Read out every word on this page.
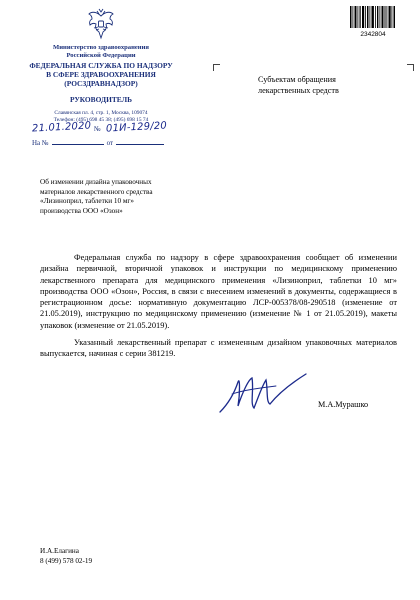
Министерство здравоохранения
Российской Федерации
ФЕДЕРАЛЬНАЯ СЛУЖБА ПО НАДЗОРУ
В СФЕРЕ ЗДРАВООХРАНЕНИЯ
(РОСЗДРАВНАДЗОР)
РУКОВОДИТЕЛЬ
Славянская пл. 4, стр. 1, Москва, 109074
Телефон: (495) 698 45 38; (495) 698 15 74
21.01.2020 № 01И-129/20
На №	от
2342804
Субъектам обращения
лекарственных средств
Об изменении дизайна упаковочных
материалов лекарственного средства
«Лизиноприл, таблетки 10 мг»
производства ООО «Озон»

Федеральная служба по надзору в сфере здравоохранения сообщает об изменении дизайна первичной, вторичной упаковок и инструкции по медицинскому применению лекарственного препарата для медицинского применения «Лизиноприл, таблетки 10 мг» производства ООО «Озон», Россия, в связи с внесением изменений в документы, содержащиеся в регистрационном досье: нормативную документацию ЛСР-005378/08-290518 (изменение от 21.05.2019), инструкцию по медицинскому применению (изменение № 1 от 21.05.2019), макеты упаковок (изменение от 21.05.2019).

Указанный лекарственный препарат с измененным дизайном упаковочных материалов выпускается, начиная с серии 381219.

М.А.Мурашко
И.А.Елагина
8 (499) 578 02-19
